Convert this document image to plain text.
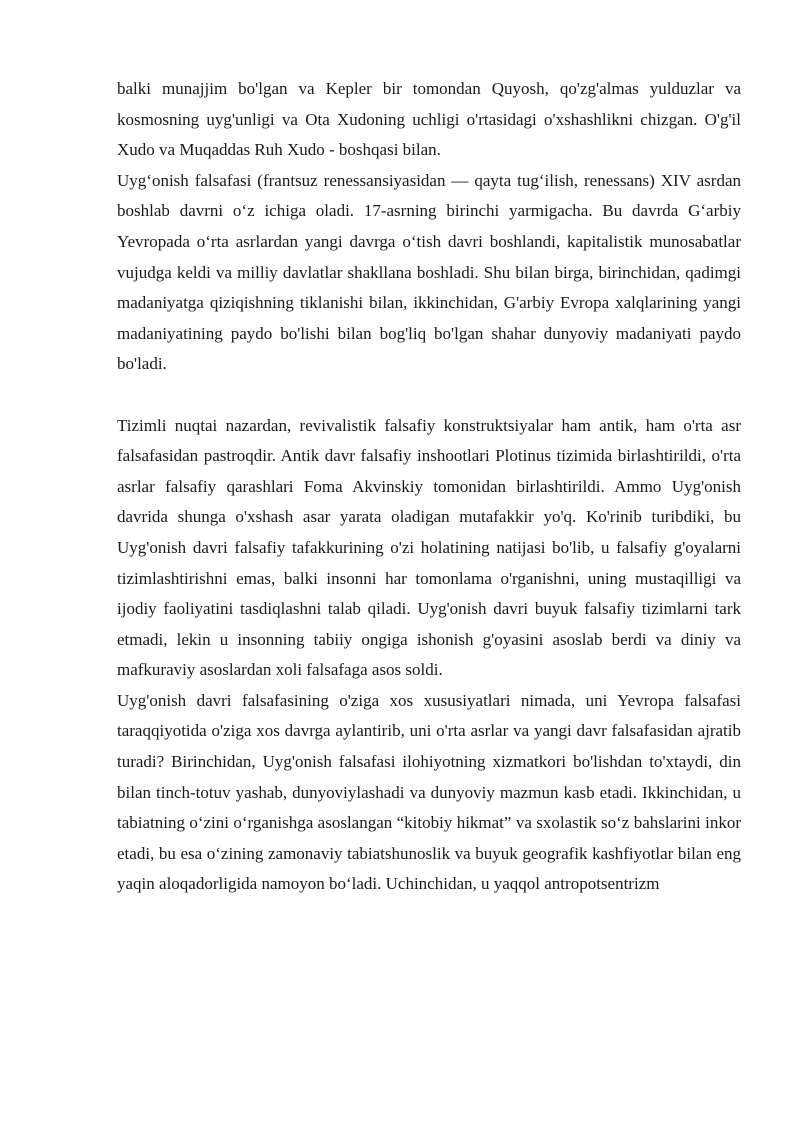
balki munajjim bo'lgan va Kepler bir tomondan Quyosh, qo'zg'almas yulduzlar va kosmosning uyg'unligi va Ota Xudoning uchligi o'rtasidagi o'xshashlikni chizgan. O'g'il Xudo va Muqaddas Ruh Xudo - boshqasi bilan.

Uyg‘onish falsafasi (frantsuz renessansiyasidan — qayta tug‘ilish, renessans) XIV asrdan boshlab davrni o‘z ichiga oladi. 17-asrning birinchi yarmigacha. Bu davrda G‘arbiy Yevropada o‘rta asrlardan yangi davrga o‘tish davri boshlandi, kapitalistik munosabatlar vujudga keldi va milliy davlatlar shakllana boshladi. Shu bilan birga, birinchidan, qadimgi madaniyatga qiziqishning tiklanishi bilan, ikkinchidan, G'arbiy Evropa xalqlarining yangi madaniyatining paydo bo'lishi bilan bog'liq bo'lgan shahar dunyoviy madaniyati paydo bo'ladi.

Tizimli nuqtai nazardan, revivalistik falsafiy konstruktsiyalar ham antik, ham o'rta asr falsafasidan pastroqdir. Antik davr falsafiy inshootlari Plotinus tizimida birlashtirildi, o'rta asrlar falsafiy qarashlari Foma Akvinskiy tomonidan birlashtirildi. Ammo Uyg'onish davrida shunga o'xshash asar yarata oladigan mutafakkir yo'q. Ko'rinib turibdiki, bu Uyg'onish davri falsafiy tafakkurining o'zi holatining natijasi bo'lib, u falsafiy g'oyalarni tizimlashtirishni emas, balki insonni har tomonlama o'rganishni, uning mustaqilligi va ijodiy faoliyatini tasdiqlashni talab qiladi. Uyg'onish davri buyuk falsafiy tizimlarni tark etmadi, lekin u insonning tabiiy ongiga ishonish g'oyasini asoslab berdi va diniy va mafkuraviy asoslardan xoli falsafaga asos soldi.

Uyg'onish davri falsafasining o'ziga xos xususiyatlari nimada, uni Yevropa falsafasi taraqqiyotida o'ziga xos davrga aylantirib, uni o'rta asrlar va yangi davr falsafasidan ajratib turadi? Birinchidan, Uyg'onish falsafasi ilohiyotning xizmatkori bo'lishdan to'xtaydi, din bilan tinch-totuv yashab, dunyoviylashadi va dunyoviy mazmun kasb etadi. Ikkinchidan, u tabiatning o‘zini o‘rganishga asoslangan “kitobiy hikmat” va sxolastik so‘z bahslarini inkor etadi, bu esa o‘zining zamonaviy tabiatshunoslik va buyuk geografik kashfiyotlar bilan eng yaqin aloqadorligida namoyon bo‘ladi. Uchinchidan, u yaqqol antropotsentrizm
